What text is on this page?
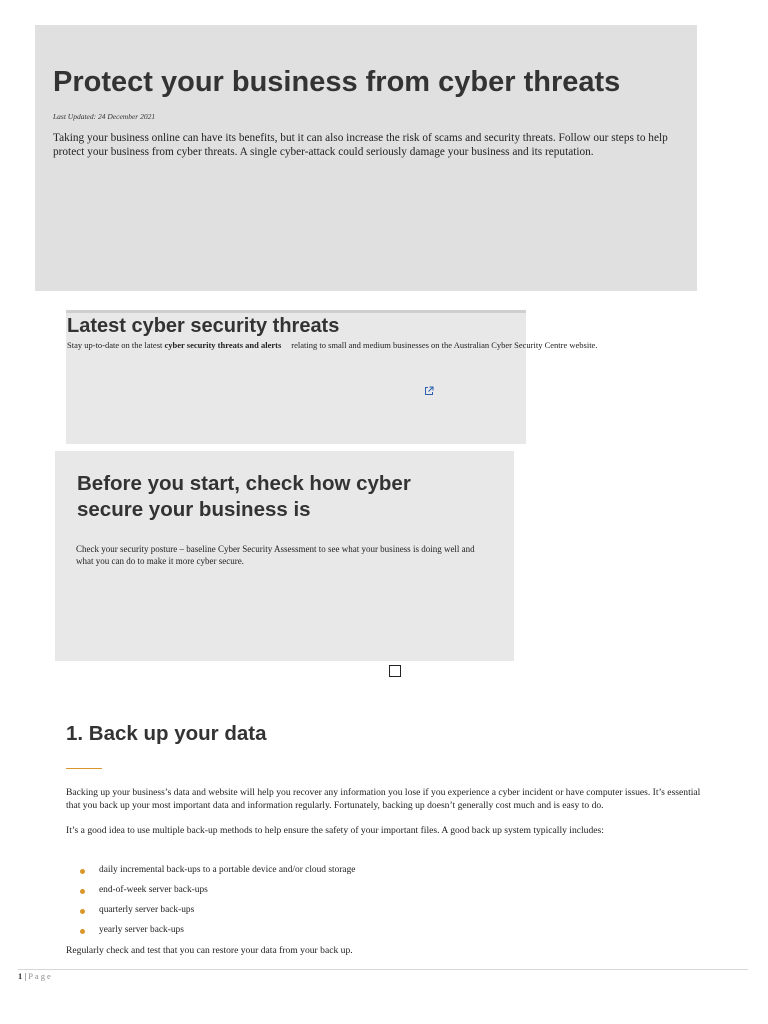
Protect your business from cyber threats
Last Updated: 24 December 2021
Taking your business online can have its benefits, but it can also increase the risk of scams and security threats. Follow our steps to help protect your business from cyber threats. A single cyber-attack could seriously damage your business and its reputation.
Latest cyber security threats
Stay up-to-date on the latest cyber security threats and alerts relating to small and medium businesses on the Australian Cyber Security Centre website.
Before you start, check how cyber secure your business is

Check your security posture – baseline Cyber Security Assessment to see what your business is doing well and what you can do to make it more cyber secure.

1. Back up your data

Backing up your business’s data and website will help you recover any information you lose if you experience a cyber incident or have computer issues. It’s essential that you back up your most important data and information regularly. Fortunately, backing up doesn’t generally cost much and is easy to do.

It’s a good idea to use multiple back-up methods to help ensure the safety of your important files. A good back up system typically includes:

daily incremental back-ups to a portable device and/or cloud storage
end-of-week server back-ups
quarterly server back-ups
yearly server back-ups

Regularly check and test that you can restore your data from your back up.

1 | Page
